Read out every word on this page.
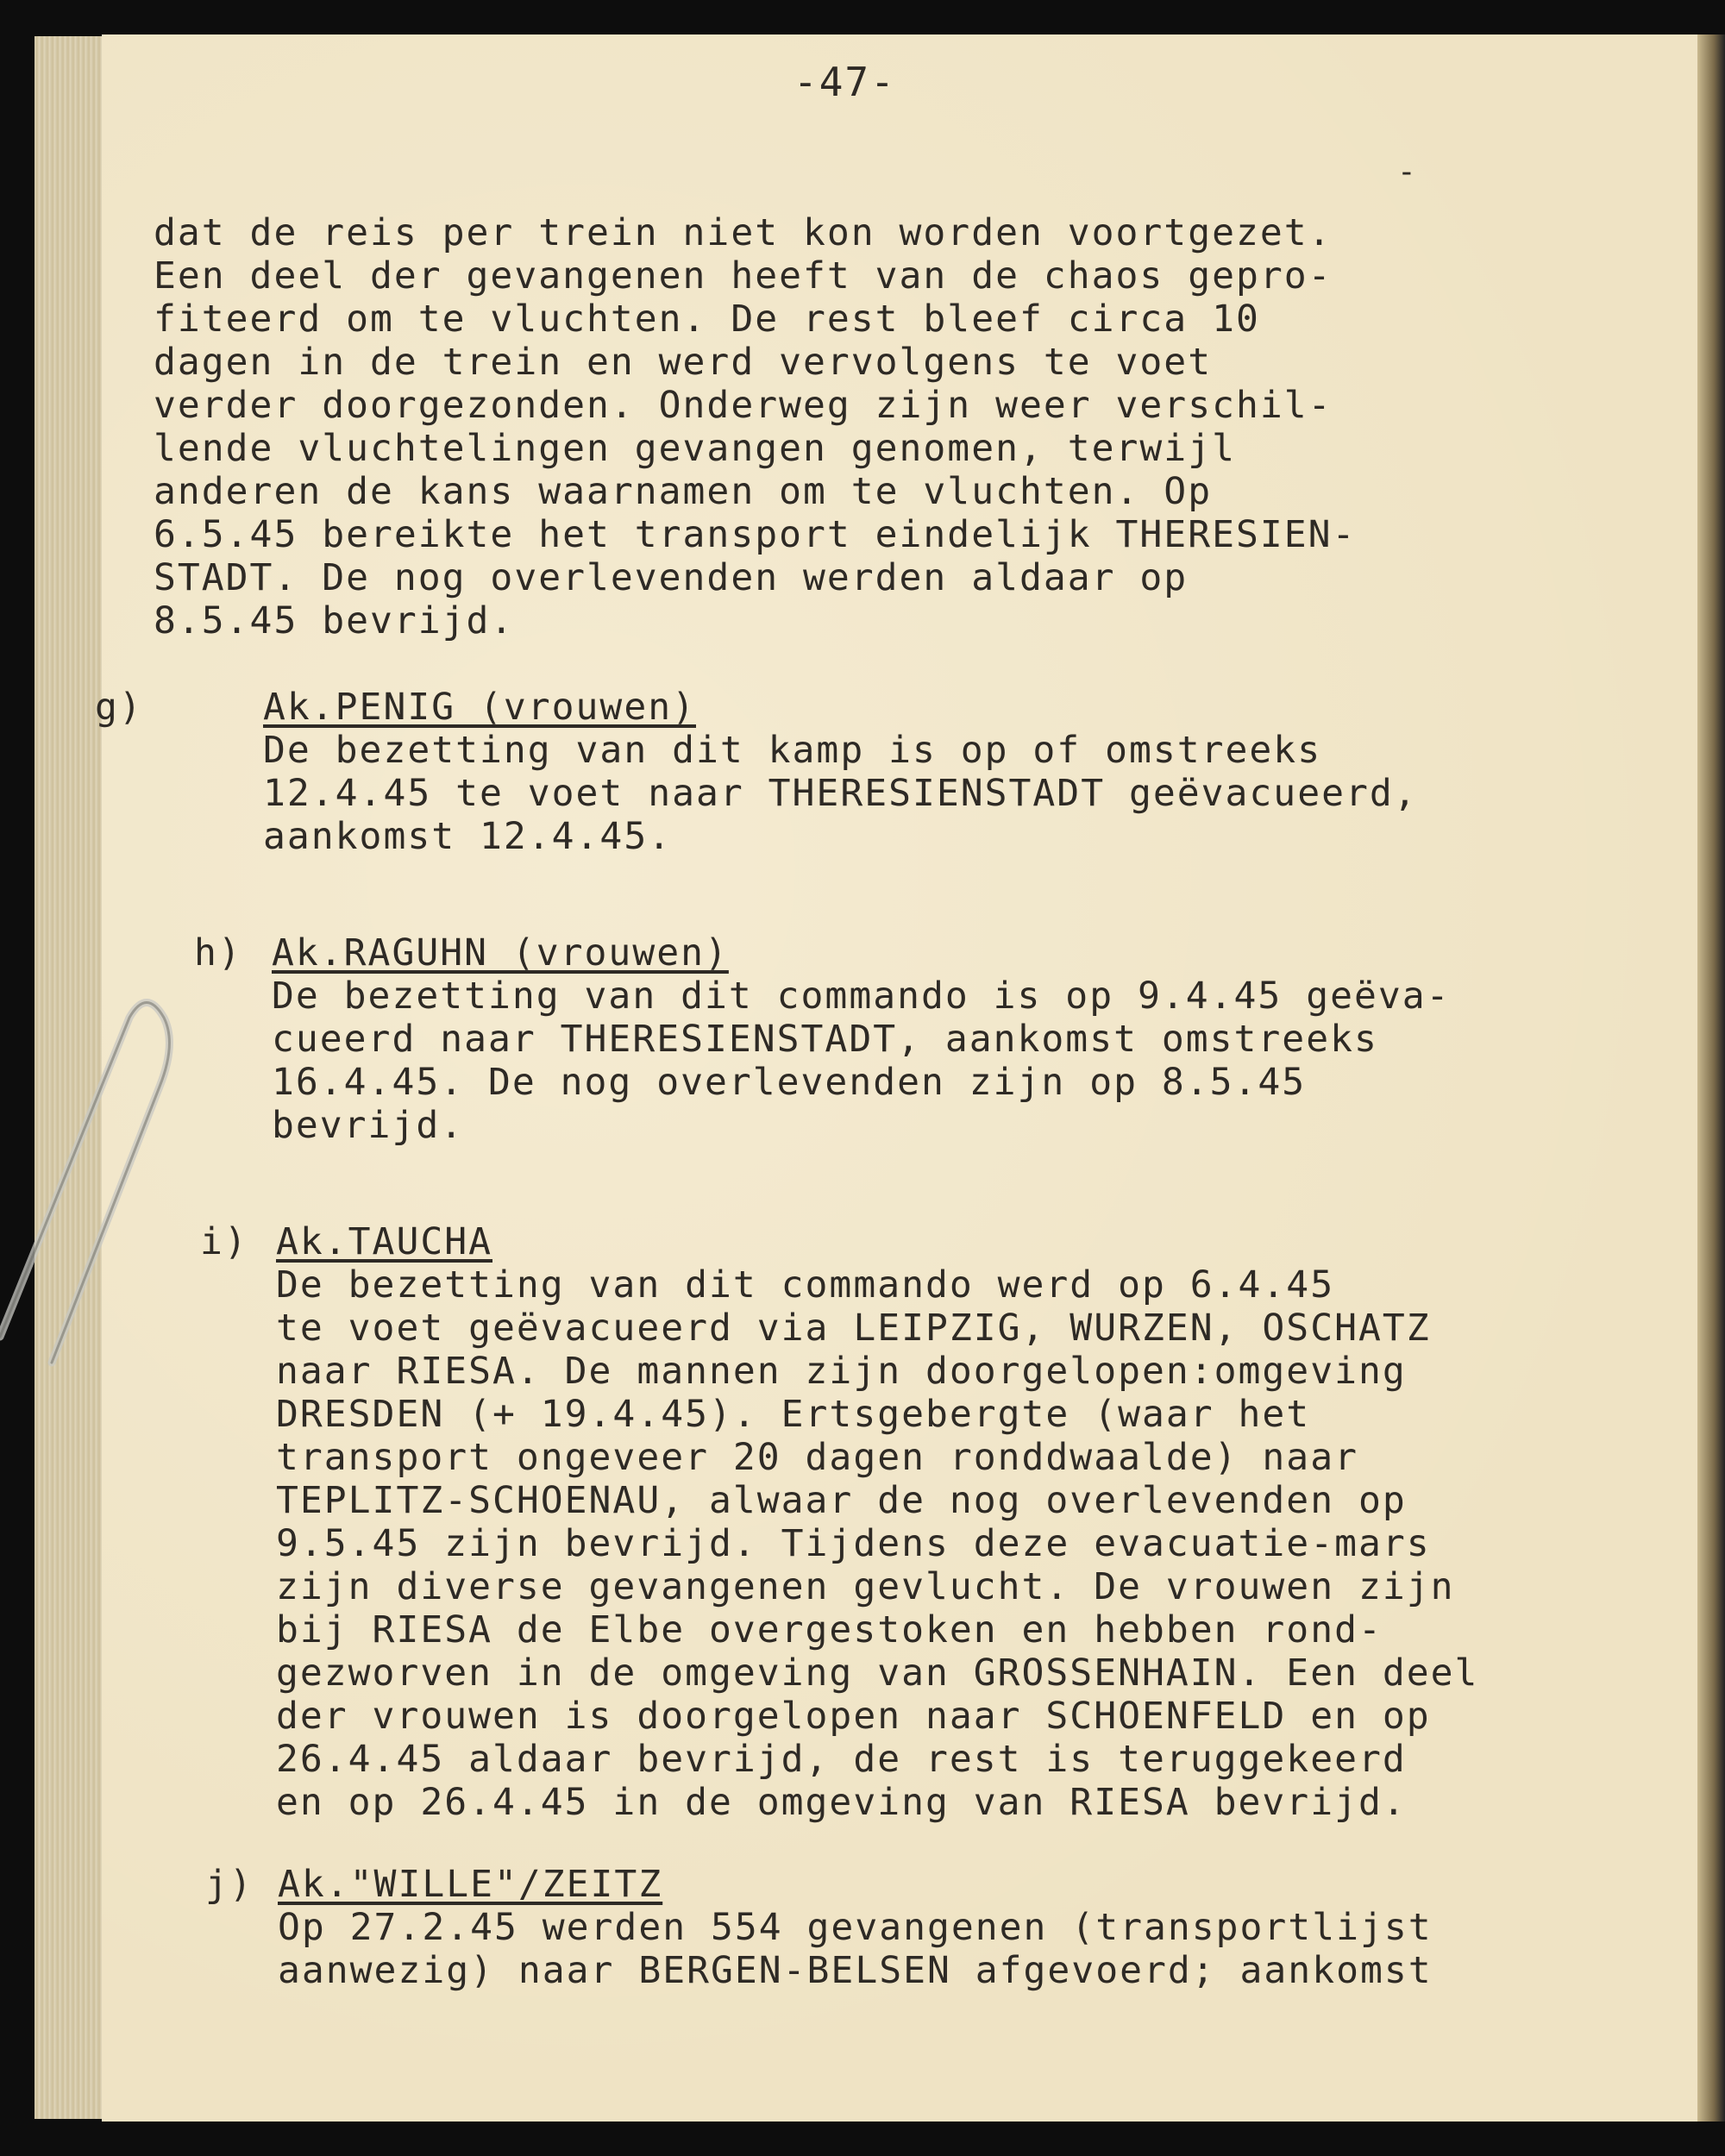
-47-
-
dat de reis per trein niet kon worden voortgezet.
Een deel der gevangenen heeft van de chaos gepro-
fiteerd om te vluchten. De rest bleef circa 10
dagen in de trein en werd vervolgens te voet
verder doorgezonden. Onderweg zijn weer verschil-
lende vluchtelingen gevangen genomen, terwijl
anderen de kans waarnamen om te vluchten. Op
6.5.45 bereikte het transport eindelijk THERESIEN-
STADT. De nog overlevenden werden aldaar op
8.5.45 bevrijd.
g)	Ak.PENIG (vrouwen)
De bezetting van dit kamp is op of omstreeks
12.4.45 te voet naar THERESIENSTADT geëvacueerd,
aankomst 12.4.45.
h) Ak.RAGUHN (vrouwen)
De bezetting van dit commando is op 9.4.45 geëva-
cueerd naar THERESIENSTADT, aankomst omstreeks
16.4.45. De nog overlevenden zijn op 8.5.45
bevrijd.
i) Ak.TAUCHA
De bezetting van dit commando werd op 6.4.45
te voet geëvacueerd via LEIPZIG, WURZEN, OSCHATZ
naar RIESA. De mannen zijn doorgelopen:omgeving
DRESDEN (+ 19.4.45). Ertsgebergte (waar het
transport ongeveer 20 dagen ronddwaalde) naar
TEPLITZ-SCHOENAU, alwaar de nog overlevenden op
9.5.45 zijn bevrijd. Tijdens deze evacuatie-mars
zijn diverse gevangenen gevlucht. De vrouwen zijn
bij RIESA de Elbe overgestoken en hebben rond-
gezworven in de omgeving van GROSSENHAIN. Een deel
der vrouwen is doorgelopen naar SCHOENFELD en op
26.4.45 aldaar bevrijd, de rest is teruggekeerd
en op 26.4.45 in de omgeving van RIESA bevrijd.
j) Ak."WILLE"/ZEITZ
Op 27.2.45 werden 554 gevangenen (transportlijst
aanwezig) naar BERGEN-BELSEN afgevoerd; aankomst
